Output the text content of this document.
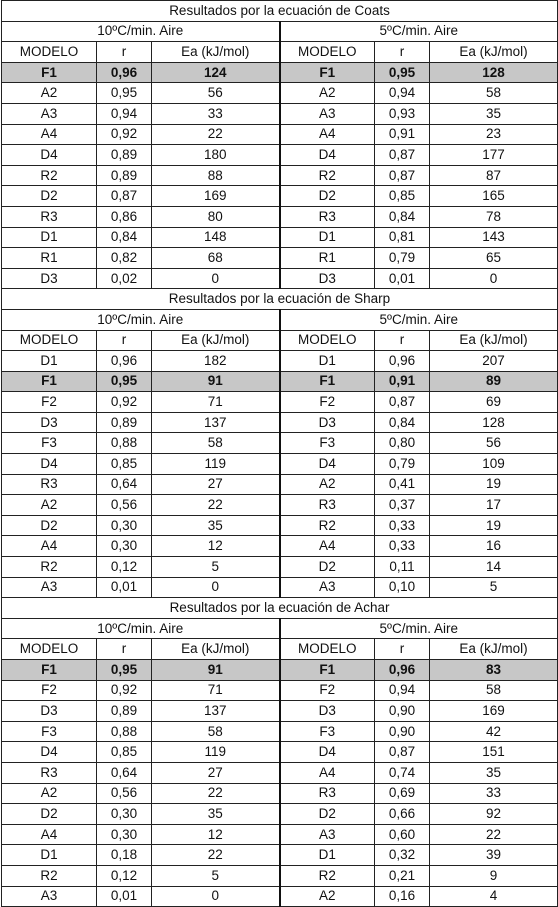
Resultados por la ecuación de Coats					
10ºC/min. Aire			5ºC/min. Aire		
MODELO	r	Ea (kJ/mol)	MODELO	r	Ea (kJ/mol)
F1	0,96	124	F1	0,95	128
A2	0,95	56	A2	0,94	58
A3	0,94	33	A3	0,93	35
A4	0,92	22	A4	0,91	23
D4	0,89	180	D4	0,87	177
R2	0,89	88	R2	0,87	87
D2	0,87	169	D2	0,85	165
R3	0,86	80	R3	0,84	78
D1	0,84	148	D1	0,81	143
R1	0,82	68	R1	0,79	65
D3	0,02	0	D3	0,01	0
Resultados por la ecuación de Sharp					
10ºC/min. Aire			5ºC/min. Aire		
MODELO	r	Ea (kJ/mol)	MODELO	r	Ea (kJ/mol)
D1	0,96	182	D1	0,96	207
F1	0,95	91	F1	0,91	89
F2	0,92	71	F2	0,87	69
D3	0,89	137	D3	0,84	128
F3	0,88	58	F3	0,80	56
D4	0,85	119	D4	0,79	109
R3	0,64	27	A2	0,41	19
A2	0,56	22	R3	0,37	17
D2	0,30	35	R2	0,33	19
A4	0,30	12	A4	0,33	16
R2	0,12	5	D2	0,11	14
A3	0,01	0	A3	0,10	5
Resultados por la ecuación de Achar					
10ºC/min. Aire			5ºC/min. Aire		
MODELO	r	Ea (kJ/mol)	MODELO	r	Ea (kJ/mol)
F1	0,95	91	F1	0,96	83
F2	0,92	71	F2	0,94	58
D3	0,89	137	D3	0,90	169
F3	0,88	58	F3	0,90	42
D4	0,85	119	D4	0,87	151
R3	0,64	27	A4	0,74	35
A2	0,56	22	R3	0,69	33
D2	0,30	35	D2	0,66	92
A4	0,30	12	A3	0,60	22
D1	0,18	22	D1	0,32	39
R2	0,12	5	R2	0,21	9
A3	0,01	0	A2	0,16	4
